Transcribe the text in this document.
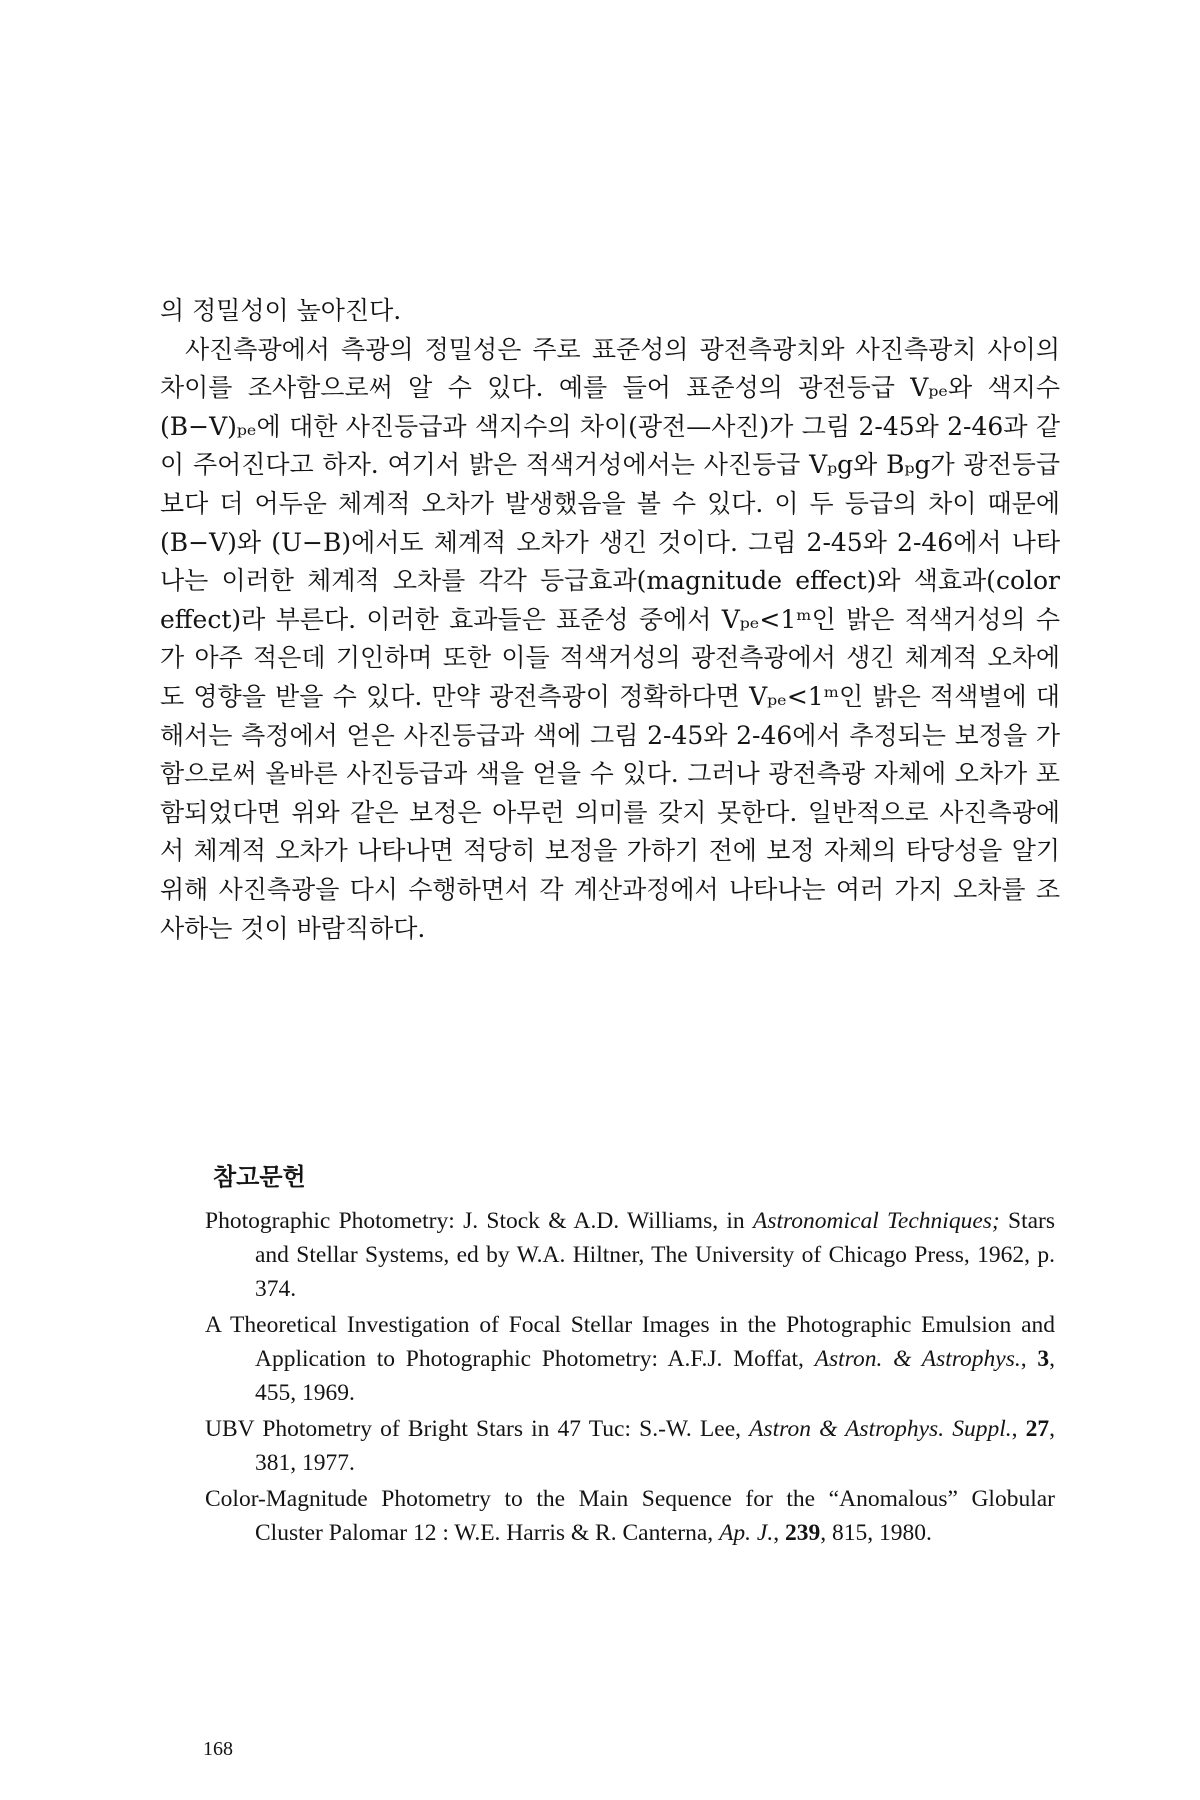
의 정밀성이 높아진다.

사진측광에서 측광의 정밀성은 주로 표준성의 광전측광치와 사진측광치 사이의 차이를 조사함으로써 알 수 있다. 예를 들어 표준성의 광전등급 Vₚₑ와 색지수 (B−V)ₚₑ에 대한 사진등급과 색지수의 차이(광전—사진)가 그림 2-45와 2-46과 같이 주어진다고 하자. 여기서 밝은 적색거성에서는 사진등급 Vₚg와 Bₚg가 광전등급보다 더 어두운 체계적 오차가 발생했음을 볼 수 있다. 이 두 등급의 차이 때문에 (B−V)와 (U−B)에서도 체계적 오차가 생긴 것이다. 그림 2-45와 2-46에서 나타나는 이러한 체계적 오차를 각각 등급효과(magnitude effect)와 색효과(color effect)라 부른다. 이러한 효과들은 표준성 중에서 Vₚₑ<1ᵐ인 밝은 적색거성의 수가 아주 적은데 기인하며 또한 이들 적색거성의 광전측광에서 생긴 체계적 오차에도 영향을 받을 수 있다. 만약 광전측광이 정확하다면 Vₚₑ<1ᵐ인 밝은 적색별에 대해서는 측정에서 얻은 사진등급과 색에 그림 2-45와 2-46에서 추정되는 보정을 가함으로써 올바른 사진등급과 색을 얻을 수 있다. 그러나 광전측광 자체에 오차가 포함되었다면 위와 같은 보정은 아무런 의미를 갖지 못한다. 일반적으로 사진측광에서 체계적 오차가 나타나면 적당히 보정을 가하기 전에 보정 자체의 타당성을 알기 위해 사진측광을 다시 수행하면서 각 계산과정에서 나타나는 여러 가지 오차를 조사하는 것이 바람직하다.

참고문헌
Photographic Photometry: J. Stock & A.D. Williams, in Astronomical Techniques; Stars and Stellar Systems, ed by W.A. Hiltner, The University of Chicago Press, 1962, p. 374.
A Theoretical Investigation of Focal Stellar Images in the Photographic Emulsion and Application to Photographic Photometry: A.F.J. Moffat, Astron. & Astrophys., 3, 455, 1969.
UBV Photometry of Bright Stars in 47 Tuc: S.-W. Lee, Astron & Astrophys. Suppl., 27, 381, 1977.
Color-Magnitude Photometry to the Main Sequence for the “Anomalous” Globular Cluster Palomar 12 : W.E. Harris & R. Canterna, Ap. J., 239, 815, 1980.
168
